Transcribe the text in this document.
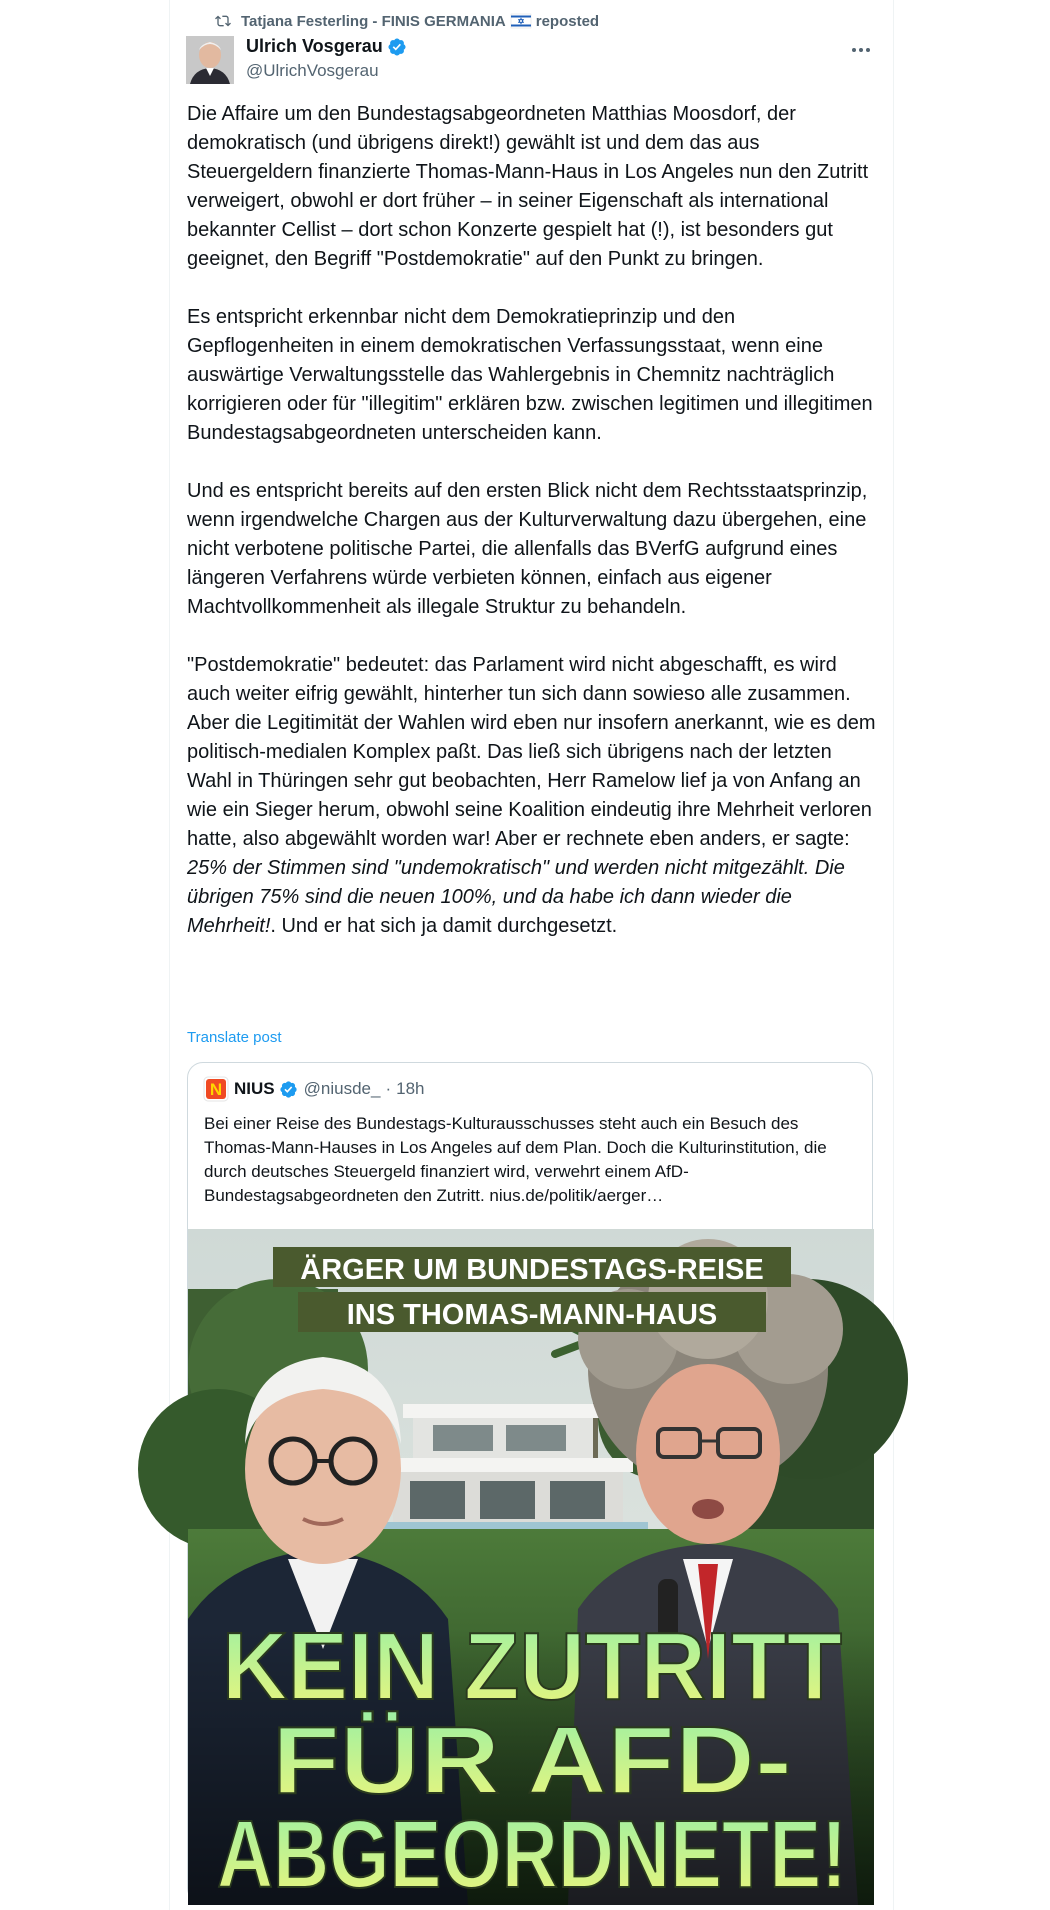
Tatjana Festerling - FINIS GERMANIA reposted
Ulrich Vosgerau
@UlrichVosgerau

Die Affaire um den Bundestagsabgeordneten Matthias Moosdorf, der demokratisch (und übrigens direkt!) gewählt ist und dem das aus Steuergeldern finanzierte Thomas-Mann-Haus in Los Angeles nun den Zutritt verweigert, obwohl er dort früher – in seiner Eigenschaft als international bekannter Cellist – dort schon Konzerte gespielt hat (!), ist besonders gut geeignet, den Begriff "Postdemokratie" auf den Punkt zu bringen.

Es entspricht erkennbar nicht dem Demokratieprinzip und den Gepflogenheiten in einem demokratischen Verfassungsstaat, wenn eine auswärtige Verwaltungsstelle das Wahlergebnis in Chemnitz nachträglich korrigieren oder für "illegitim" erklären bzw. zwischen legitimen und illegitimen Bundestagsabgeordneten unterscheiden kann.

Und es entspricht bereits auf den ersten Blick nicht dem Rechtsstaatsprinzip, wenn irgendwelche Chargen aus der Kulturverwaltung dazu übergehen, eine nicht verbotene politische Partei, die allenfalls das BVerfG aufgrund eines längeren Verfahrens würde verbieten können, einfach aus eigener Machtvollkommenheit als illegale Struktur zu behandeln.

"Postdemokratie" bedeutet: das Parlament wird nicht abgeschafft, es wird auch weiter eifrig gewählt, hinterher tun sich dann sowieso alle zusammen. Aber die Legitimität der Wahlen wird eben nur insofern anerkannt, wie es dem politisch-medialen Komplex paßt. Das ließ sich übrigens nach der letzten Wahl in Thüringen sehr gut beobachten, Herr Ramelow lief ja von Anfang an wie ein Sieger herum, obwohl seine Koalition eindeutig ihre Mehrheit verloren hatte, also abgewählt worden war! Aber er rechnete eben anders, er sagte: 25% der Stimmen sind "undemokratisch" und werden nicht mitgezählt. Die übrigen 75% sind die neuen 100%, und da habe ich dann wieder die Mehrheit!. Und er hat sich ja damit durchgesetzt.

Translate post
N NIUS @niusde_ · 18h
Bei einer Reise des Bundestags-Kulturausschusses steht auch ein Besuch des Thomas-Mann-Hauses in Los Angeles auf dem Plan. Doch die Kulturinstitution, die durch deutsches Steuergeld finanziert wird, verwehrt einem AfD-Bundestagsabgeordneten den Zutritt. nius.de/politik/aerger…
ÄRGER UM BUNDESTAGS-REISE
INS THOMAS-MANN-HAUS
KEIN ZUTRITT
FÜR AFD-
ABGEORDNETE!
